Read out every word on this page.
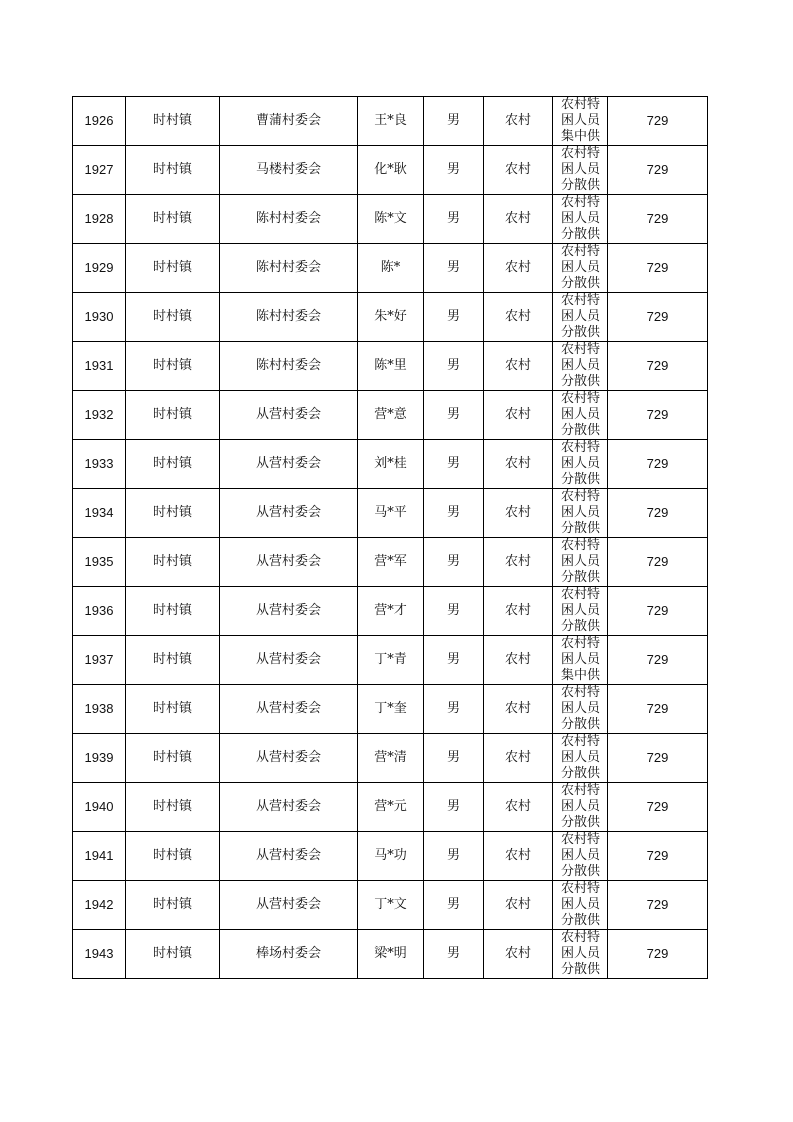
1926	时村镇	曹蒲村委会	王*良	男	农村	农村特
困人员
集中供	729
1927	时村镇	马楼村委会	化*耿	男	农村	农村特
困人员
分散供	729
1928	时村镇	陈村村委会	陈*文	男	农村	农村特
困人员
分散供	729
1929	时村镇	陈村村委会	陈*	男	农村	农村特
困人员
分散供	729
1930	时村镇	陈村村委会	朱*好	男	农村	农村特
困人员
分散供	729
1931	时村镇	陈村村委会	陈*里	男	农村	农村特
困人员
分散供	729
1932	时村镇	从营村委会	营*意	男	农村	农村特
困人员
分散供	729
1933	时村镇	从营村委会	刘*桂	男	农村	农村特
困人员
分散供	729
1934	时村镇	从营村委会	马*平	男	农村	农村特
困人员
分散供	729
1935	时村镇	从营村委会	营*军	男	农村	农村特
困人员
分散供	729
1936	时村镇	从营村委会	营*才	男	农村	农村特
困人员
分散供	729
1937	时村镇	从营村委会	丁*青	男	农村	农村特
困人员
集中供	729
1938	时村镇	从营村委会	丁*奎	男	农村	农村特
困人员
分散供	729
1939	时村镇	从营村委会	营*清	男	农村	农村特
困人员
分散供	729
1940	时村镇	从营村委会	营*元	男	农村	农村特
困人员
分散供	729
1941	时村镇	从营村委会	马*功	男	农村	农村特
困人员
分散供	729
1942	时村镇	从营村委会	丁*文	男	农村	农村特
困人员
分散供	729
1943	时村镇	棒场村委会	梁*明	男	农村	农村特
困人员
分散供	729
